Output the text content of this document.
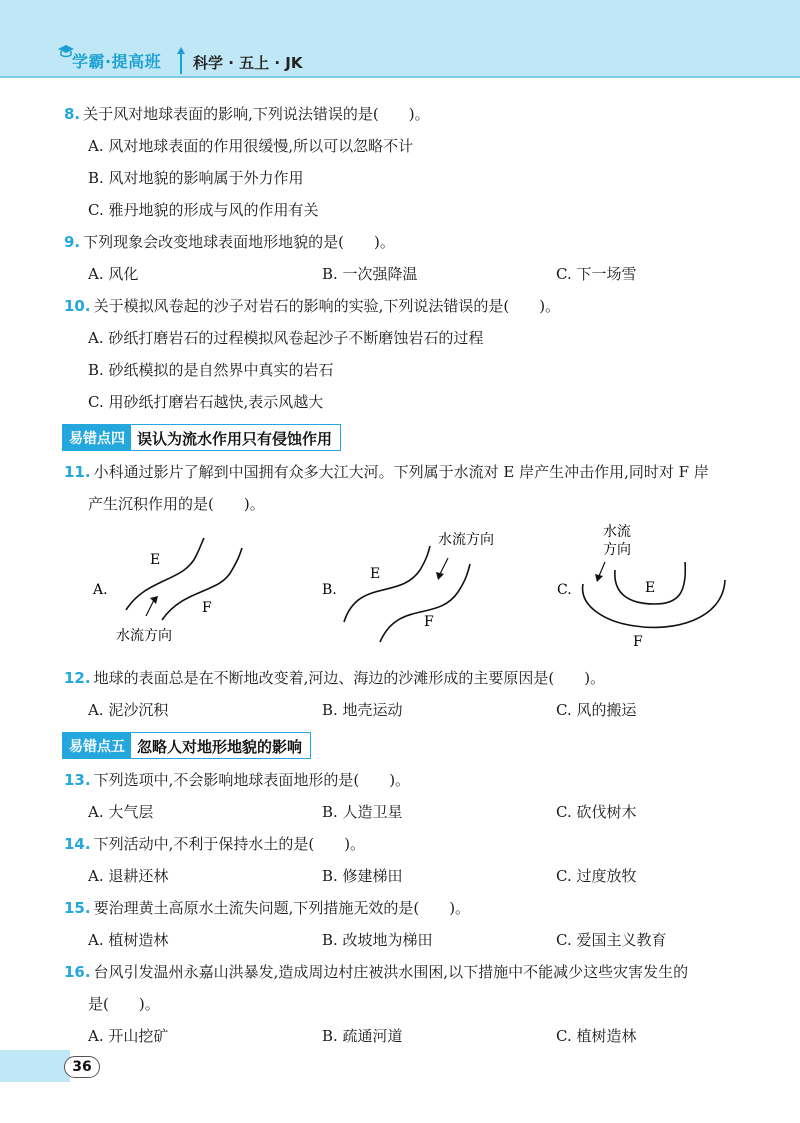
学霸·提高班 科学 · 五上 · JK
8. 关于风对地球表面的影响,下列说法错误的是(　　)。
A. 风对地球表面的作用很缓慢,所以可以忽略不计
B. 风对地貌的影响属于外力作用
C. 雅丹地貌的形成与风的作用有关
9. 下列现象会改变地球表面地形地貌的是(　　)。
A. 风化	B. 一次强降温	C. 下一场雪
10. 关于模拟风卷起的沙子对岩石的影响的实验,下列说法错误的是(　　)。
A. 砂纸打磨岩石的过程模拟风卷起沙子不断磨蚀岩石的过程
B. 砂纸模拟的是自然界中真实的岩石
C. 用砂纸打磨岩石越快,表示风越大
易错点四 误认为流水作用只有侵蚀作用
11. 小科通过影片了解到中国拥有众多大江大河。下列属于水流对 E 岸产生冲击作用,同时对 F 岸
产生沉积作用的是(　　)。
A.
E
F
水流方向
B.
E
F
水流方向
C.	E
F
水流
方向
12. 地球的表面总是在不断地改变着,河边、海边的沙滩形成的主要原因是(　　)。
A. 泥沙沉积	B. 地壳运动	C. 风的搬运
易错点五 忽略人对地形地貌的影响
13. 下列选项中,不会影响地球表面地形的是(　　)。
A. 大气层	B. 人造卫星	C. 砍伐树木
14. 下列活动中,不利于保持水土的是(　　)。
A. 退耕还林	B. 修建梯田	C. 过度放牧
15. 要治理黄土高原水土流失问题,下列措施无效的是(　　)。
A. 植树造林	B. 改坡地为梯田	C. 爱国主义教育
16. 台风引发温州永嘉山洪暴发,造成周边村庄被洪水围困,以下措施中不能减少这些灾害发生的
是(　　)。
A. 开山挖矿	B. 疏通河道	C. 植树造林
36
